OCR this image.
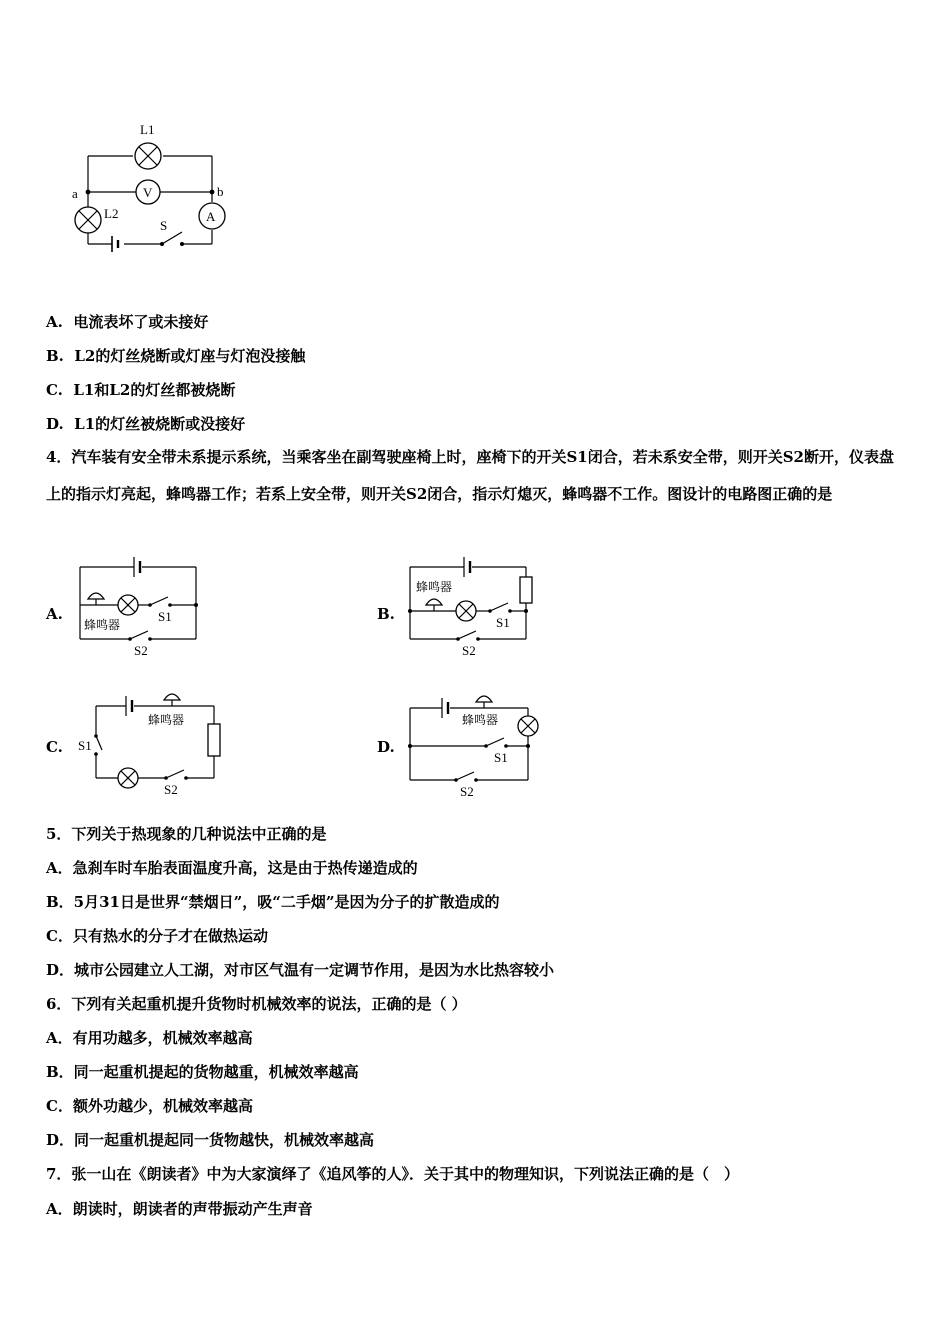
V
A
L1
L2
a	b
S
A. 电流表坏了或未接好
B. L2的灯丝烧断或灯座与灯泡没接触
C. L1和L2的灯丝都被烧断
D. L1的灯丝被烧断或没接好
4．汽车装有安全带未系提示系统，当乘客坐在副驾驶座椅上时，座椅下的开关S1闭合，若未系安全带，则开关S2断开，仪表盘上的指示灯亮起，蜂鸣器工作；若系上安全带，则开关S2闭合，指示灯熄灭，蜂鸣器不工作。图设计的电路图正确的是
A.
蜂鸣器
S1
S2
B.
蜂鸣器
S1
S2
C.
蜂鸣器
S1
S2
D.
蜂鸣器
S1
S2
5．下列关于热现象的几种说法中正确的是
A．急刹车时车胎表面温度升高，这是由于热传递造成的
B．5月31日是世界“禁烟日”，吸“二手烟”是因为分子的扩散造成的
C．只有热水的分子才在做热运动
D．城市公园建立人工湖，对市区气温有一定调节作用，是因为水比热容较小
6．下列有关起重机提升货物时机械效率的说法，正确的是（ ）
A．有用功越多，机械效率越高
B．同一起重机提起的货物越重，机械效率越高
C．额外功越少，机械效率越高
D．同一起重机提起同一货物越快，机械效率越高
7．张一山在《朗读者》中为大家演绎了《追风筝的人》．关于其中的物理知识，下列说法正确的是（　）
A．朗读时，朗读者的声带振动产生声音
